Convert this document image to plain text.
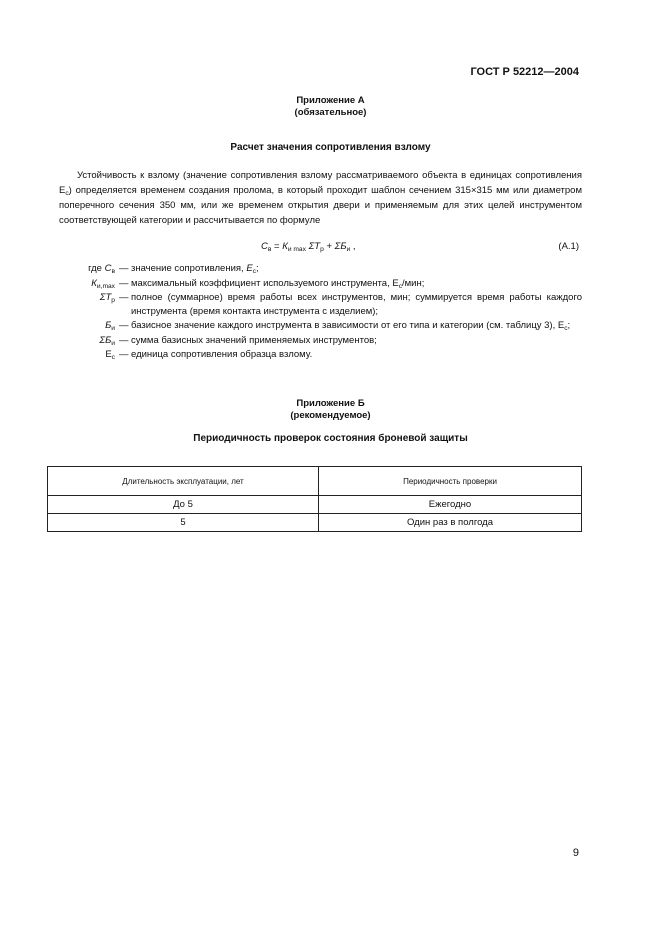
ГОСТ Р 52212—2004
Приложение А
(обязательное)
Расчет значения сопротивления взлому
Устойчивость к взлому (значение сопротивления взлому рассматриваемого объекта в единицах сопротивления $Е_с$) определяется временем создания пролома, в который проходит шаблон сечением 315×315 мм или диаметром поперечного сечения 350 мм, или же временем открытия двери и применяемым для этих целей инструментом соответствующей категории и рассчитывается по формуле
$С_в = К_{и max}$ $\Sigma Т_р + \Sigma Б_и$ ,	(А.1)
где $С_в$ — значение сопротивления, $Е_с$;
$К_{и,max}$ — максимальный коэффициент используемого инструмента, $Е_с$/мин;
$\Sigma Т_р$ — полное (суммарное) время работы всех инструментов, мин; суммируется время работы каждого инструмента (время контакта инструмента с изделием);
$Б_и$ — базисное значение каждого инструмента в зависимости от его типа и категории (см. таблицу 3), $Е_с$;
$\Sigma Б_и$ — сумма базисных значений применяемых инструментов;
$Е_с$ — единица сопротивления образца взлому.
Приложение Б
(рекомендуемое)
Периодичность проверок состояния броневой защиты
Длительность эксплуатации, лет	Периодичность проверки
До 5	Ежегодно
5	Один раз в полгода
9
